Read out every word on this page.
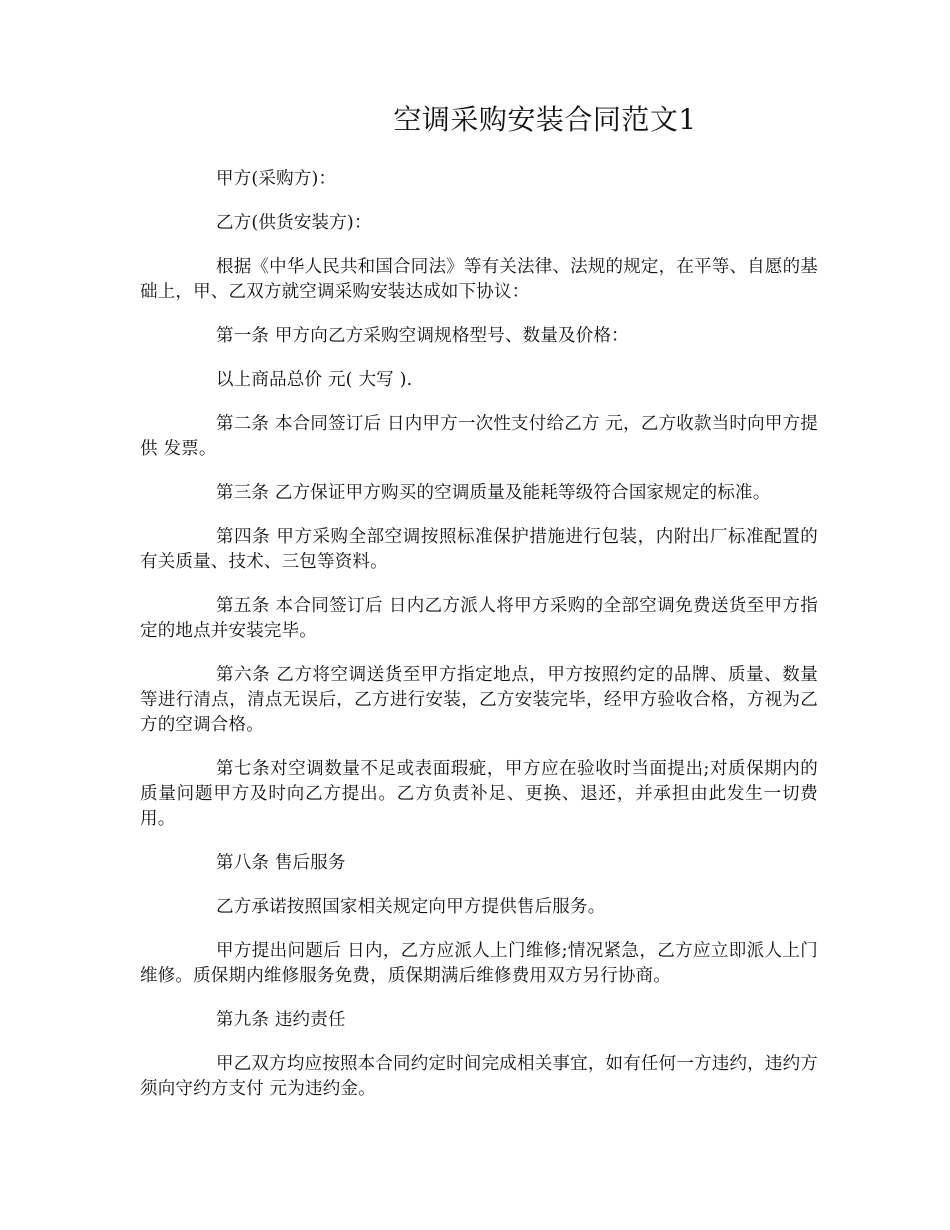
空调采购安装合同范文1

甲方(采购方)：

乙方(供货安装方)：

根据《中华人民共和国合同法》等有关法律、法规的规定，在平等、自愿的基础上，甲、乙双方就空调采购安装达成如下协议：

第一条 甲方向乙方采购空调规格型号、数量及价格：

以上商品总价 元( 大写 ).

第二条 本合同签订后 日内甲方一次性支付给乙方 元，乙方收款当时向甲方提供 发票。

第三条 乙方保证甲方购买的空调质量及能耗等级符合国家规定的标准。

第四条 甲方采购全部空调按照标准保护措施进行包装，内附出厂标准配置的有关质量、技术、三包等资料。

第五条 本合同签订后 日内乙方派人将甲方采购的全部空调免费送货至甲方指定的地点并安装完毕。

第六条 乙方将空调送货至甲方指定地点，甲方按照约定的品牌、质量、数量等进行清点，清点无误后，乙方进行安装，乙方安装完毕，经甲方验收合格，方视为乙方的空调合格。

第七条对空调数量不足或表面瑕疵，甲方应在验收时当面提出;对质保期内的质量问题甲方及时向乙方提出。乙方负责补足、更换、退还，并承担由此发生一切费用。

第八条 售后服务

乙方承诺按照国家相关规定向甲方提供售后服务。

甲方提出问题后 日内，乙方应派人上门维修;情况紧急，乙方应立即派人上门维修。质保期内维修服务免费，质保期满后维修费用双方另行协商。

第九条 违约责任

甲乙双方均应按照本合同约定时间完成相关事宜，如有任何一方违约，违约方须向守约方支付 元为违约金。
